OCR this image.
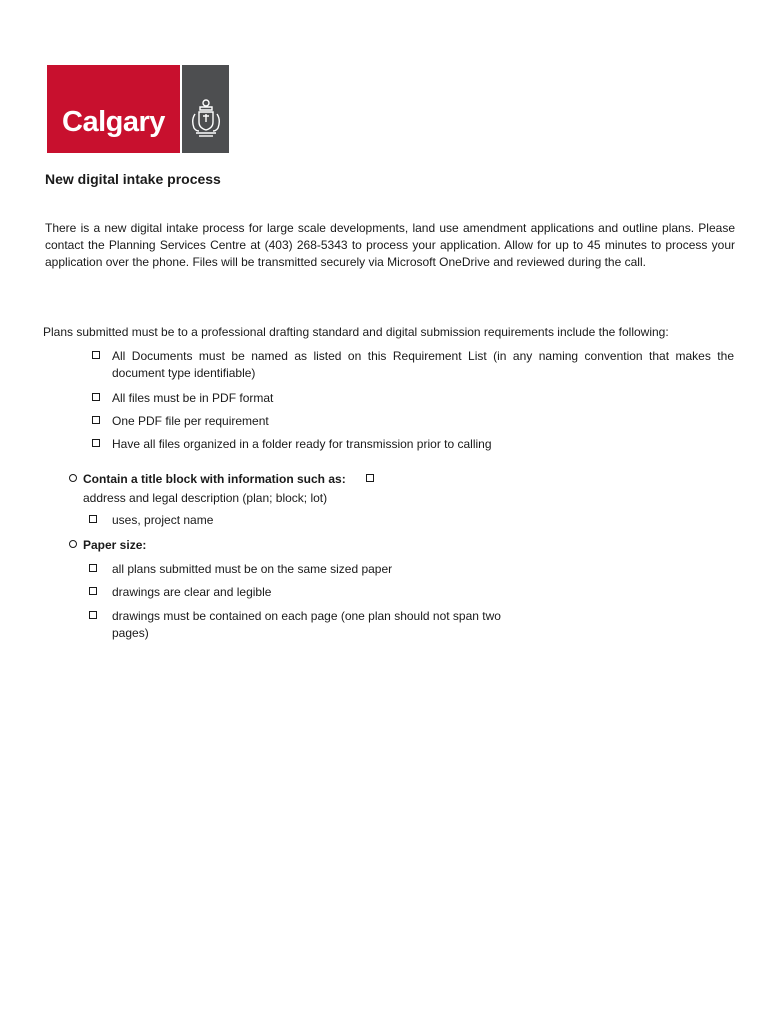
Calgary
New digital intake process
There is a new digital intake process for large scale developments, land use amendment applications and outline plans. Please contact the Planning Services Centre at (403) 268-5343 to process your application. Allow for up to 45 minutes to process your application over the phone. Files will be transmitted securely via Microsoft OneDrive and reviewed during the call.
Plans submitted must be to a professional drafting standard and digital submission requirements include the following:
All Documents must be named as listed on this Requirement List (in any naming convention that makes the document type identifiable)
All files must be in PDF format
One PDF file per requirement
Have all files organized in a folder ready for transmission prior to calling
Contain a title block with information such as:
address and legal description (plan; block; lot)
uses, project name
Paper size:
all plans submitted must be on the same sized paper
drawings are clear and legible
drawings must be contained on each page (one plan should not span two pages)
